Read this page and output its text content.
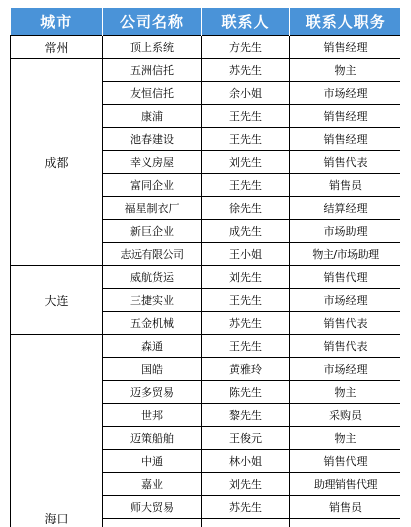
城市	公司名称	联系人	联系人职务
常州	顶上系统	方先生	销售经理
成都	五洲信托	苏先生	物主
	友恒信托	余小姐	市场经理
	康浦	王先生	销售经理
	池春建设	王先生	销售经理
	幸义房屋	刘先生	销售代表
	富同企业	王先生	销售员
	福星制衣厂	徐先生	结算经理
	新巨企业	成先生	市场助理
	志远有限公司	王小姐	物主/市场助理
大连	威航货运	刘先生	销售代理
	三捷实业	王先生	市场经理
	五金机械	苏先生	销售代表
海口	森通	王先生	销售代表
	国皓	黄雅玲	市场经理
	迈多贸易	陈先生	物主
	世邦	黎先生	采购员
	迈策船舶	王俊元	物主
	中通	林小姐	销售代理
	嘉业	刘先生	助理销售代理
	师大贸易	苏先生	销售员
